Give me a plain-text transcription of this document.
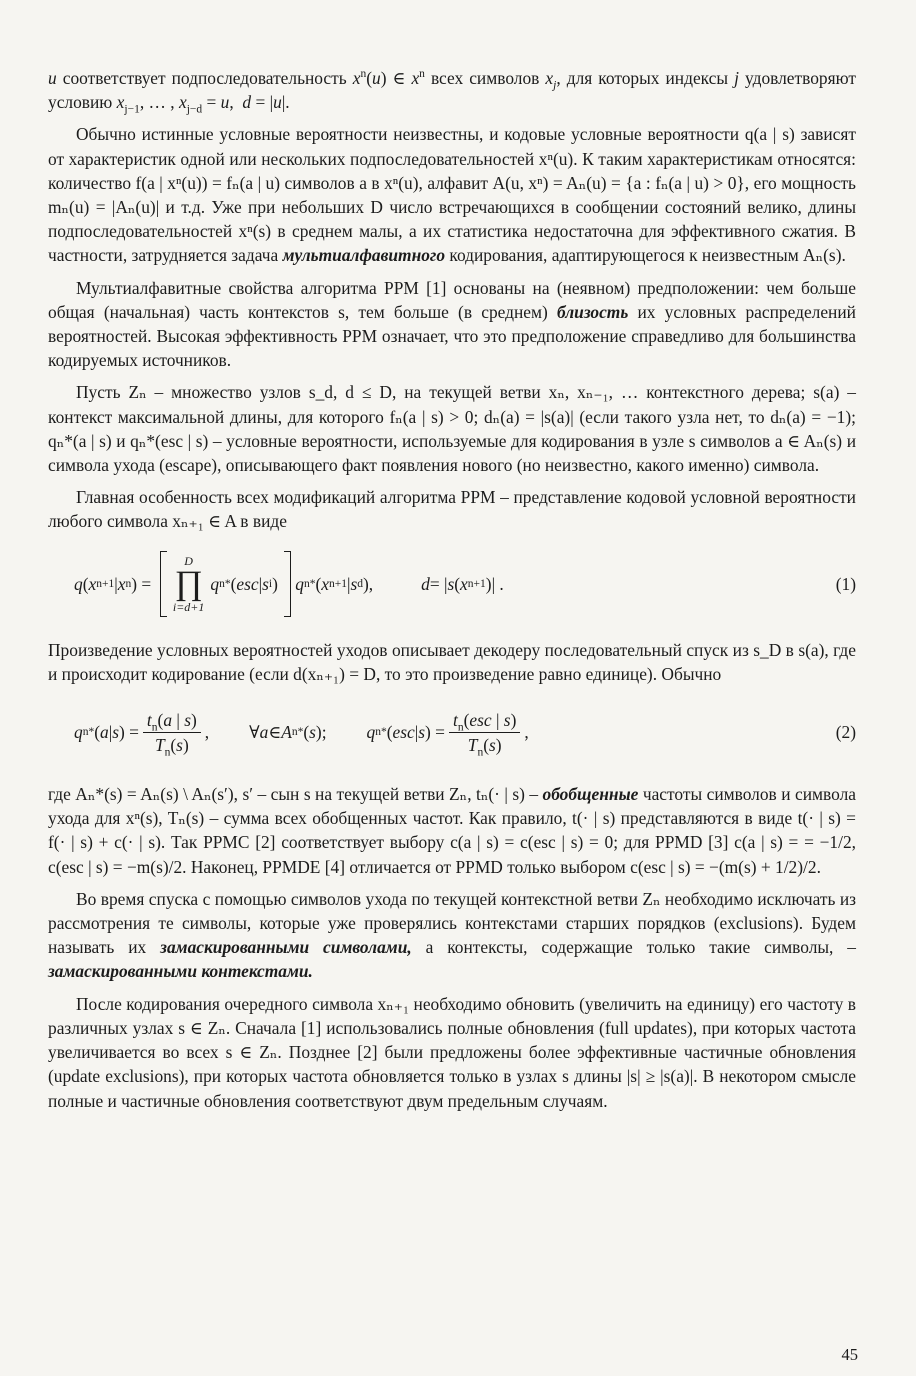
u соответствует подпоследовательность $x^n(u)$ ∈ $x^n$ всех символов $x_j$, для которых индексы j удовлетворяют условию $x_{j-1}$, … , $x_{j-d} = u$,  d = |u|.

Обычно истинные условные вероятности неизвестны, и кодовые условные вероятности q(a | s) зависят от характеристик одной или нескольких подпоследовательностей xⁿ(u). К таким характеристикам относятся: количество f(a | xⁿ(u)) = fₙ(a | u) символов a в xⁿ(u), алфавит A(u, xⁿ) = Aₙ(u) = {a : fₙ(a | u) > 0}, его мощность mₙ(u) = |Aₙ(u)| и т.д. Уже при небольших D число встречающихся в сообщении состояний велико, длины подпоследовательностей xⁿ(s) в среднем малы, а их статистика недостаточна для эффективного сжатия. В частности, затрудняется задача мультиалфавитного кодирования, адаптирующегося к неизвестным Aₙ(s).

Мультиалфавитные свойства алгоритма PPM [1] основаны на (неявном) предположении: чем больше общая (начальная) часть контекстов s, тем больше (в среднем) близость их условных распределений вероятностей. Высокая эффективность PPM означает, что это предположение справедливо для большинства кодируемых источников.

Пусть Zₙ – множество узлов s_d, d ≤ D, на текущей ветви xₙ, xₙ₋₁, … контекстного дерева; s(a) – контекст максимальной длины, для которого fₙ(a | s) > 0; dₙ(a) = |s(a)| (если такого узла нет, то dₙ(a) = −1); qₙ*(a | s) и qₙ*(esc | s) – условные вероятности, используемые для кодирования в узле s символов a ∈ Aₙ(s) и символа ухода (escape), описывающего факт появления нового (но неизвестно, какого именно) символа.

Главная особенность всех модификаций алгоритма PPM – представление кодовой условной вероятности любого символа xₙ₊₁ ∈ A в виде

q ( x n+1 | x n ) =
D
∏
i=d+1
q n * ( esc | s i )
q n * ( x n+1 | s d ),	d = | s ( x n+1 )| .	(1)

Произведение условных вероятностей уходов описывает декодеру последовательный спуск из s_D в s(a), где и происходит кодирование (если d(xₙ₊₁) = D, то это произведение равно единице). Обычно

q n * ( a | s ) = $\frac{t_n(a | s)}{T_n(s)}$ , ∀ a ∈ A n * ( s ); q n * ( esc | s ) = $\frac{t_n(esc | s)}{T_n(s)}$ ,	(2)

где Aₙ*(s) = Aₙ(s) \ Aₙ(s′), s′ – сын s на текущей ветви Zₙ, tₙ(· | s) – обобщенные частоты символов и символа ухода для xⁿ(s), Tₙ(s) – сумма всех обобщенных частот. Как правило, t(· | s) представляются в виде t(· | s) = f(· | s) + c(· | s). Так PPMC [2] соответствует выбору c(a | s) = c(esc | s) = 0; для PPMD [3] c(a | s) = = −1/2, c(esc | s) = −m(s)/2. Наконец, PPMDE [4] отличается от PPMD только выбором c(esc | s) = −(m(s) + 1/2)/2.

Во время спуска с помощью символов ухода по текущей контекстной ветви Zₙ необходимо исключать из рассмотрения те символы, которые уже проверялись контекстами старших порядков (exclusions). Будем называть их замаскированными символами, а контексты, содержащие только такие символы, – замаскированными контекстами.

После кодирования очередного символа xₙ₊₁ необходимо обновить (увеличить на единицу) его частоту в различных узлах s ∈ Zₙ. Сначала [1] использовались полные обновления (full updates), при которых частота увеличивается во всех s ∈ Zₙ. Позднее [2] были предложены более эффективные частичные обновления (update exclusions), при которых частота обновляется только в узлах s длины |s| ≥ |s(a)|. В некотором смысле полные и частичные обновления соответствуют двум предельным случаям.

45
